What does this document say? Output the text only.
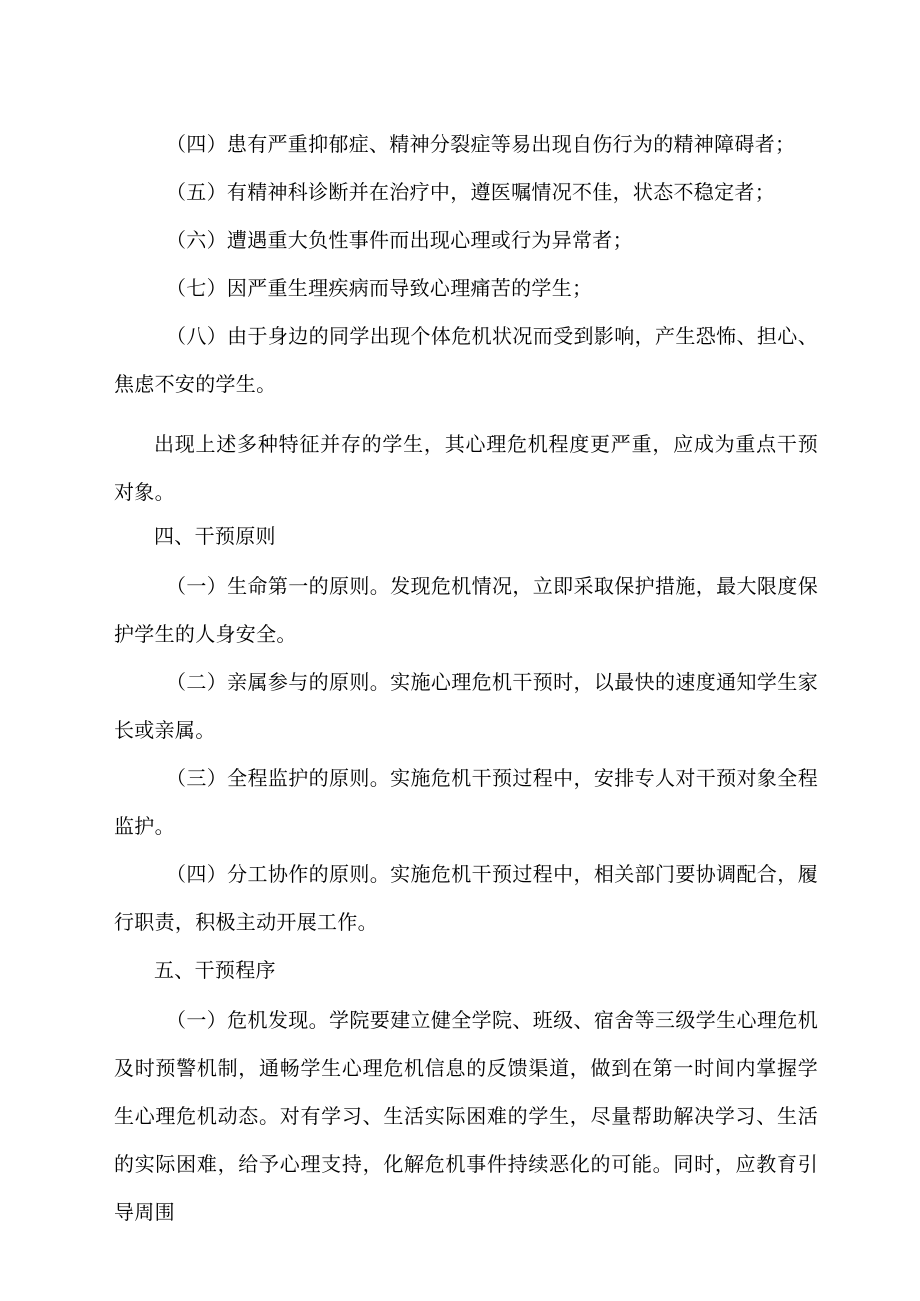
（四）患有严重抑郁症、精神分裂症等易出现自伤行为的精神障碍者；

（五）有精神科诊断并在治疗中，遵医嘱情况不佳，状态不稳定者；

（六）遭遇重大负性事件而出现心理或行为异常者；

（七）因严重生理疾病而导致心理痛苦的学生；

（八）由于身边的同学出现个体危机状况而受到影响，产生恐怖、担心、焦虑不安的学生。

出现上述多种特征并存的学生，其心理危机程度更严重，应成为重点干预对象。

四、干预原则

（一）生命第一的原则。发现危机情况，立即采取保护措施，最大限度保护学生的人身安全。

（二）亲属参与的原则。实施心理危机干预时，以最快的速度通知学生家长或亲属。

（三）全程监护的原则。实施危机干预过程中，安排专人对干预对象全程监护。

（四）分工协作的原则。实施危机干预过程中，相关部门要协调配合，履行职责，积极主动开展工作。

五、干预程序

（一）危机发现。学院要建立健全学院、班级、宿舍等三级学生心理危机及时预警机制，通畅学生心理危机信息的反馈渠道，做到在第一时间内掌握学生心理危机动态。对有学习、生活实际困难的学生，尽量帮助解决学习、生活的实际困难，给予心理支持，化解危机事件持续恶化的可能。同时，应教育引导周围
